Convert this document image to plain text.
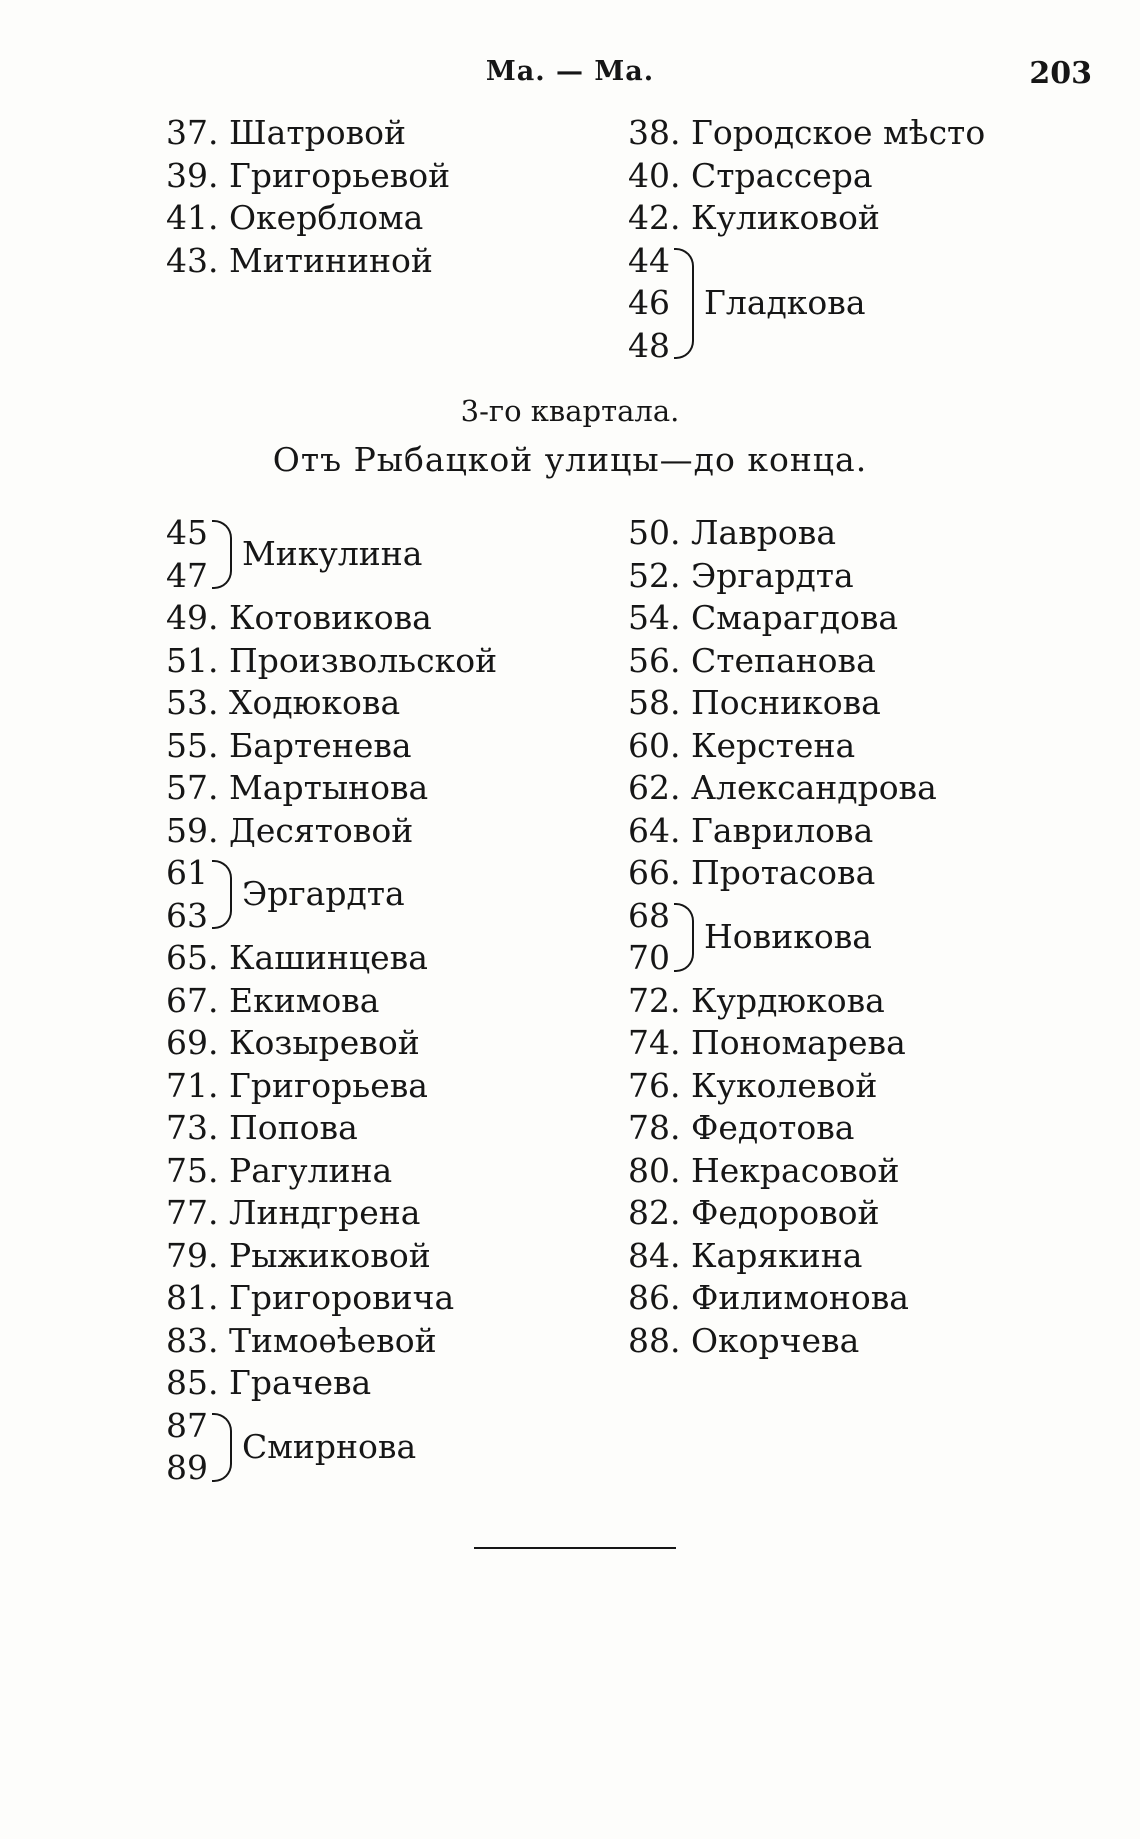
Ма. — Ма.	203
37. Шатровой
39. Григорьевой
41. Окерблома
43. Митининой
38. Городское мѣсто
40. Страссера
42. Куликовой
44
46
48
Гладкова
3-го квартала.
Отъ Рыбацкой улицы—до конца.
45
47
Микулина
49. Котовикова
51. Произвольской
53. Ходюкова
55. Бартенева
57. Мартынова
59. Десятовой
61
63
Эргардта
65. Кашинцева
67. Екимова
69. Козыревой
71. Григорьева
73. Попова
75. Рагулина
77. Линдгрена
79. Рыжиковой
81. Григоровича
83. Тимоѳѣевой
85. Грачева
87
89
Смирнова
50. Лаврова
52. Эргардта
54. Смарагдова
56. Степанова
58. Посникова
60. Керстена
62. Александрова
64. Гаврилова
66. Протасова
68
70
Новикова
72. Курдюкова
74. Пономарева
76. Куколевой
78. Федотова
80. Некрасовой
82. Федоровой
84. Карякина
86. Филимонова
88. Окорчева
